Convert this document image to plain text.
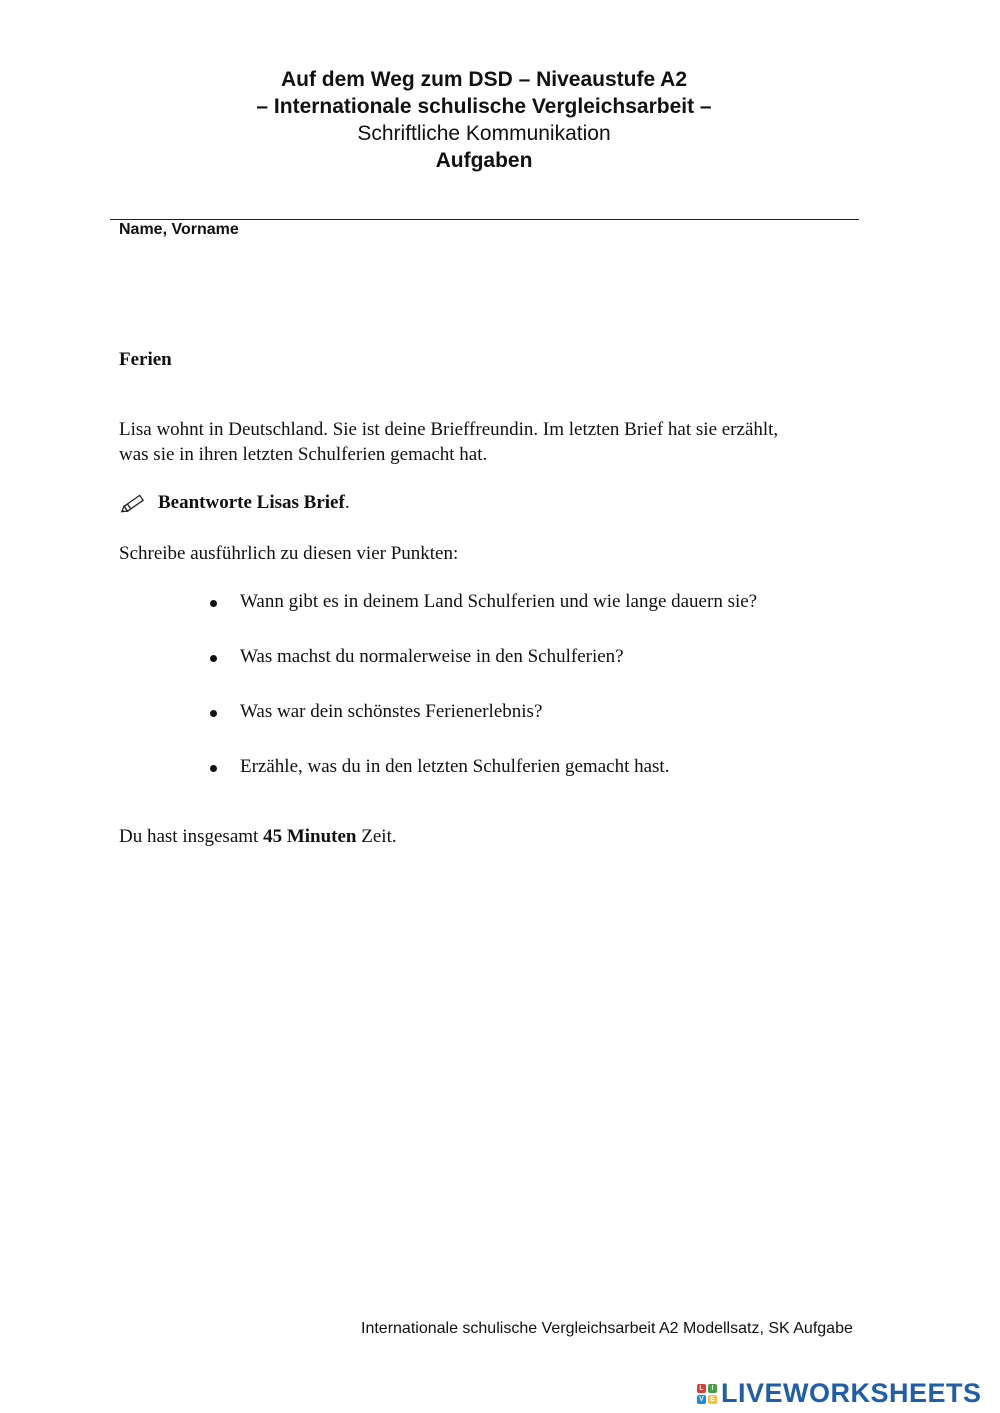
Auf dem Weg zum DSD – Niveaustufe A2
– Internationale schulische Vergleichsarbeit –
Schriftliche Kommunikation
Aufgaben
Name, Vorname
Ferien
Lisa wohnt in Deutschland. Sie ist deine Brieffreundin. Im letzten Brief hat sie erzählt,
was sie in ihren letzten Schulferien gemacht hat.
Beantworte Lisas Brief .
Schreibe ausführlich zu diesen vier Punkten:
Wann gibt es in deinem Land Schulferien und wie lange dauern sie?
Was machst du normalerweise in den Schulferien?
Was war dein schönstes Ferienerlebnis?
Erzähle, was du in den letzten Schulferien gemacht hast.
Du hast insgesamt 45 Minuten Zeit.
Internationale schulische Vergleichsarbeit A2 Modellsatz, SK Aufgabe
L	I
V E LIVEWORKSHEETS
